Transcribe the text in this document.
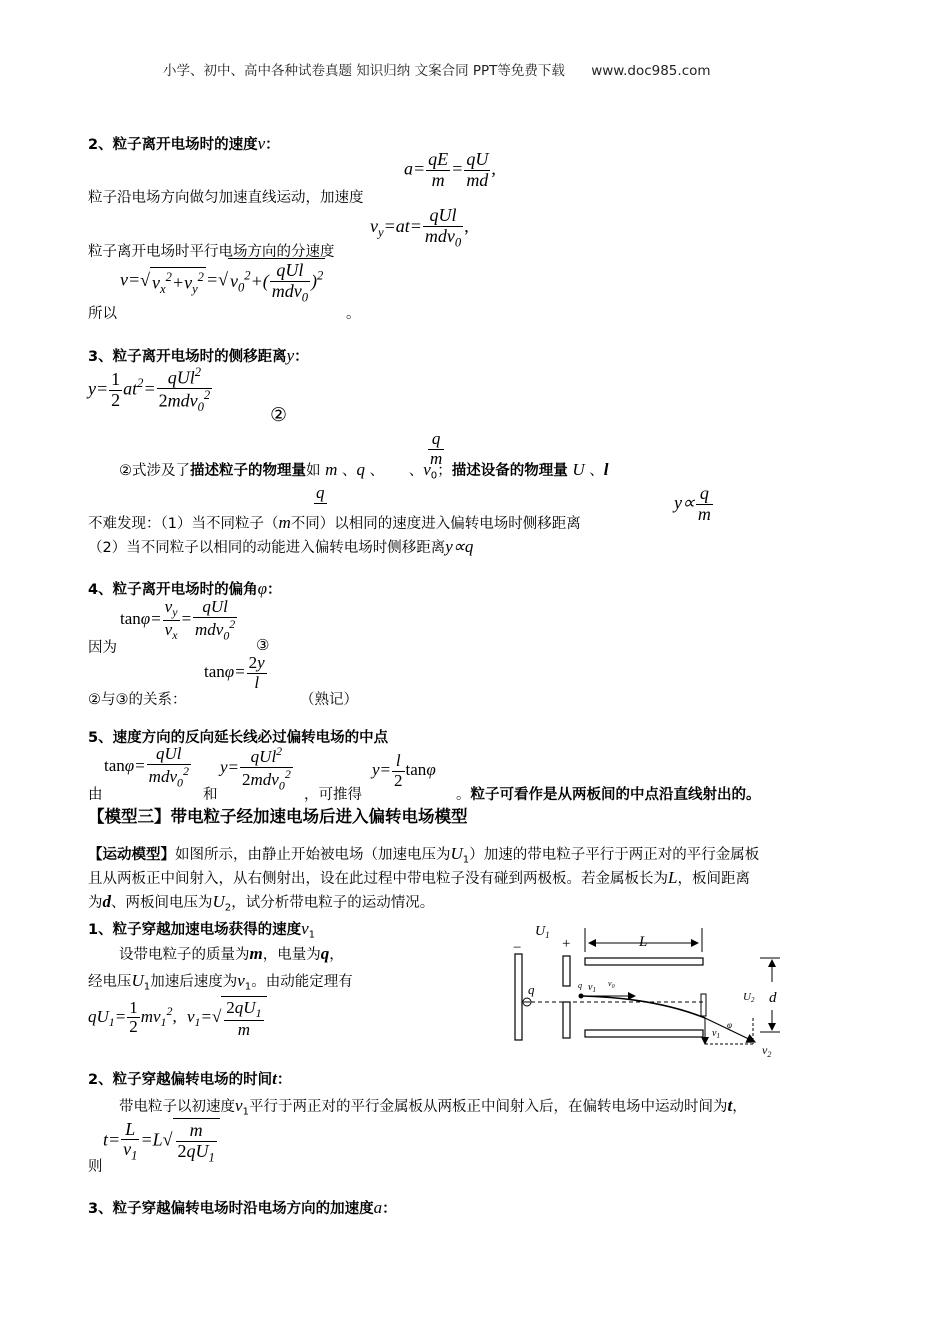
小学、初中、高中各种试卷真题 知识归纳 文案合同 PPT等免费下载 www.doc985.com
2、粒子离开电场时的速度v：
$a= \frac{qE}{m} = \frac{qU}{md}$ ,
粒子沿电场方向做匀加速直线运动，加速度
$v_y=at= \frac{\text{qUl}}{mdv_0}$ ,
粒子离开电场时平行电场方向的分速度
v=√ $v_x^2+v_y^2$ =√ $v_0^2+( \frac{\text{qUl}}{mdv_0} )^2$
所以	。
3、粒子离开电场时的侧移距离y：
$y= \frac{1}{2} at^2= \frac{qUl^2}{2mdv_0^2}$	②
$\frac{q}{m}$
②式涉及了描述粒子的物理量如 m 、q 、 、$v_0$；描述设备的物理量 U 、l
q
不难发现：（1）当不同粒子（m不同）以相同的速度进入偏转电场时侧移距离
$y\propto \frac{q}{m}$
（2）当不同粒子以相同的动能进入偏转电场时侧移距离y∝q
4、粒子离开电场时的偏角φ：
$\tan\varphi= \frac{v_y}{v_x} = \frac{\text{qUl}}{mdv_0^2}$
因为	③
$\tan\varphi= \frac{2y}{l}$
②与③的关系：	（熟记）
5、速度方向的反向延长线必过偏转电场的中点
$\tan\varphi= \frac{\text{qUl}}{mdv_0^2} y= \frac{qUl^2}{2mdv_0^2}$	$y= \frac{l}{2}$ tanφ
由	和	，可推得	。粒子可看作是从两板间的中点沿直线射出的。
【模型三】带电粒子经加速电场后进入偏转电场模型
【运动模型】如图所示，由静止开始被电场（加速电压为$U_1$）加速的带电粒子平行于两正对的平行金属板
且从两板正中间射入，从右侧射出，设在此过程中带电粒子没有碰到两极板。若金属板长为L，板间距离
为d、两板间电压为$U_2$，试分析带电粒子的运动情况。
1、粒子穿越加速电场获得的速度$v_1$
设带电粒子的质量为m，电量为q，
经电压$U_1$加速后速度为$v_1$。由动能定理有
$qU_1= \frac{1}{2} mv_1^2$, $v_1=√ \frac{2qU_1}{m}$
$U_1$
−	+
q	q $v_1$
$v_0$
L
$v_1$
φ
$v_2$
d
U2
2、粒子穿越偏转电场的时间t：
带电粒子以初速度$v_1$平行于两正对的平行金属板从两板正中间射入后，在偏转电场中运动时间为t，
$t= \frac{L}{v_1} =L√ \frac{m}{2qU_1}$
则
3、粒子穿越偏转电场时沿电场方向的加速度a：
